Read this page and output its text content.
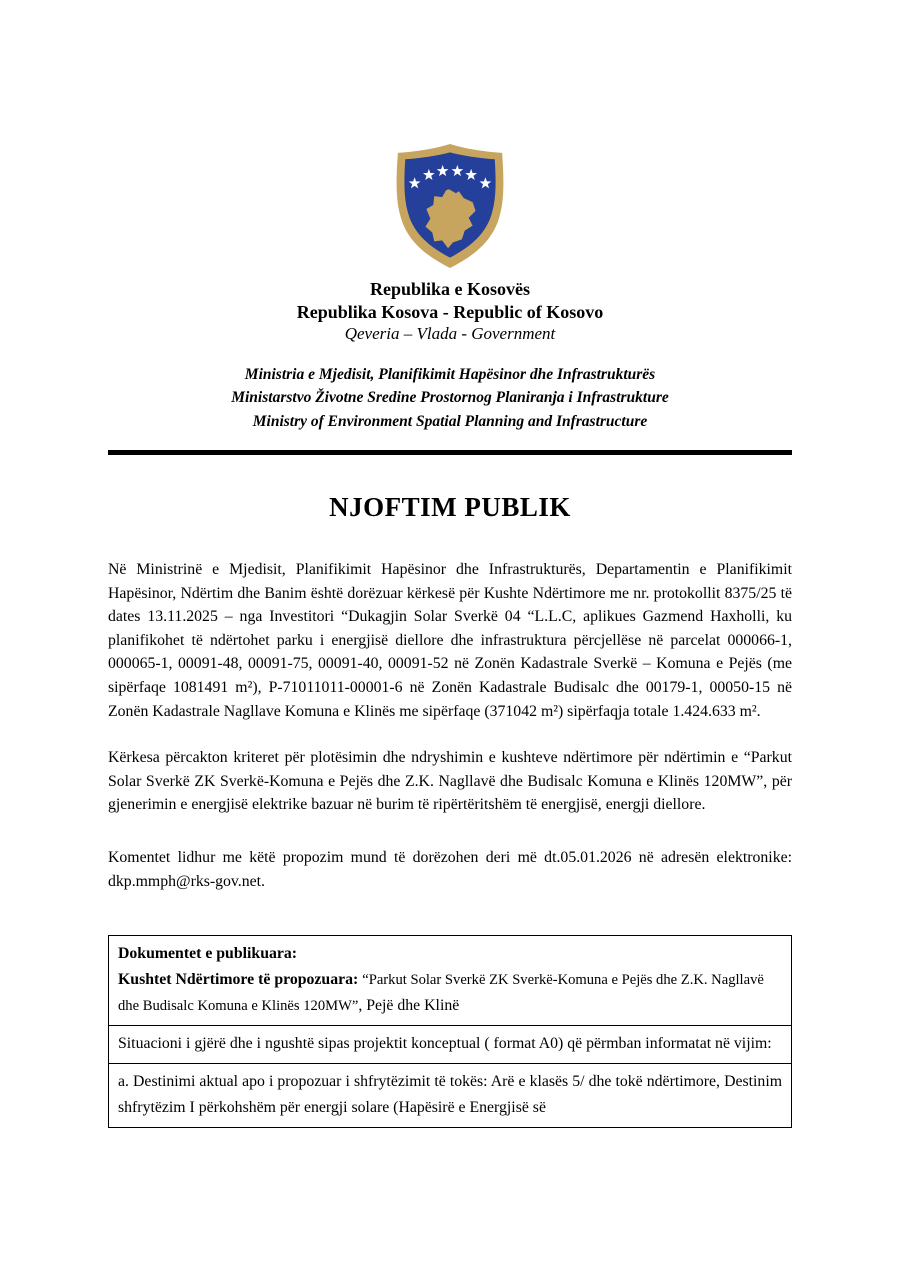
Republika e Kosovës
Republika Kosova - Republic of Kosovo
Qeveria – Vlada - Government
Ministria e Mjedisit, Planifikimit Hapësinor dhe Infrastrukturës
Ministarstvo Životne Sredine Prostornog Planiranja i Infrastrukture
Ministry of Environment Spatial Planning and Infrastructure
NJOFTIM PUBLIK

Në Ministrinë e Mjedisit, Planifikimit Hapësinor dhe Infrastrukturës, Departamentin e Planifikimit Hapësinor, Ndërtim dhe Banim është dorëzuar kërkesë për Kushte Ndërtimore me nr. protokollit 8375/25 të dates 13.11.2025 – nga Investitori “Dukagjin Solar Sverkë 04 “L.L.C, aplikues Gazmend Haxholli, ku planifikohet të ndërtohet parku i energjisë diellore dhe infrastruktura përcjellëse në parcelat 000066-1, 000065-1, 00091-48, 00091-75, 00091-40, 00091-52 në Zonën Kadastrale Sverkë – Komuna e Pejës (me sipërfaqe 1081491 m²), P-71011011-00001-6 në Zonën Kadastrale Budisalc dhe 00179-1, 00050-15 në Zonën Kadastrale Nagllave Komuna e Klinës me sipërfaqe (371042 m²) sipërfaqja totale 1.424.633 m².

Kërkesa përcakton kriteret për plotësimin dhe ndryshimin e kushteve ndërtimore për ndërtimin e “Parkut Solar Sverkë ZK Sverkë-Komuna e Pejës dhe Z.K. Nagllavë dhe Budisalc Komuna e Klinës 120MW”, për gjenerimin e energjisë elektrike bazuar në burim të ripërtëritshëm të energjisë, energji diellore.

Komentet lidhur me këtë propozim mund të dorëzohen deri më dt.05.01.2026 në adresën elektronike: dkp.mmph@rks-gov.net.

Dokumentet e publikuara:
Kushtet Ndërtimore të propozuara: “Parkut Solar Sverkë ZK Sverkë-Komuna e Pejës dhe Z.K. Nagllavë dhe Budisalc Komuna e Klinës 120MW”, Pejë dhe Klinë

Situacioni i gjërë dhe i ngushtë sipas projektit konceptual ( format A0) që përmban informatat në vijim:
a. Destinimi aktual apo i propozuar i shfrytëzimit të tokës: Arë e klasës 5/ dhe tokë ndërtimore, Destinim shfrytëzim I përkohshëm për energji solare (Hapësirë e Energjisë së
